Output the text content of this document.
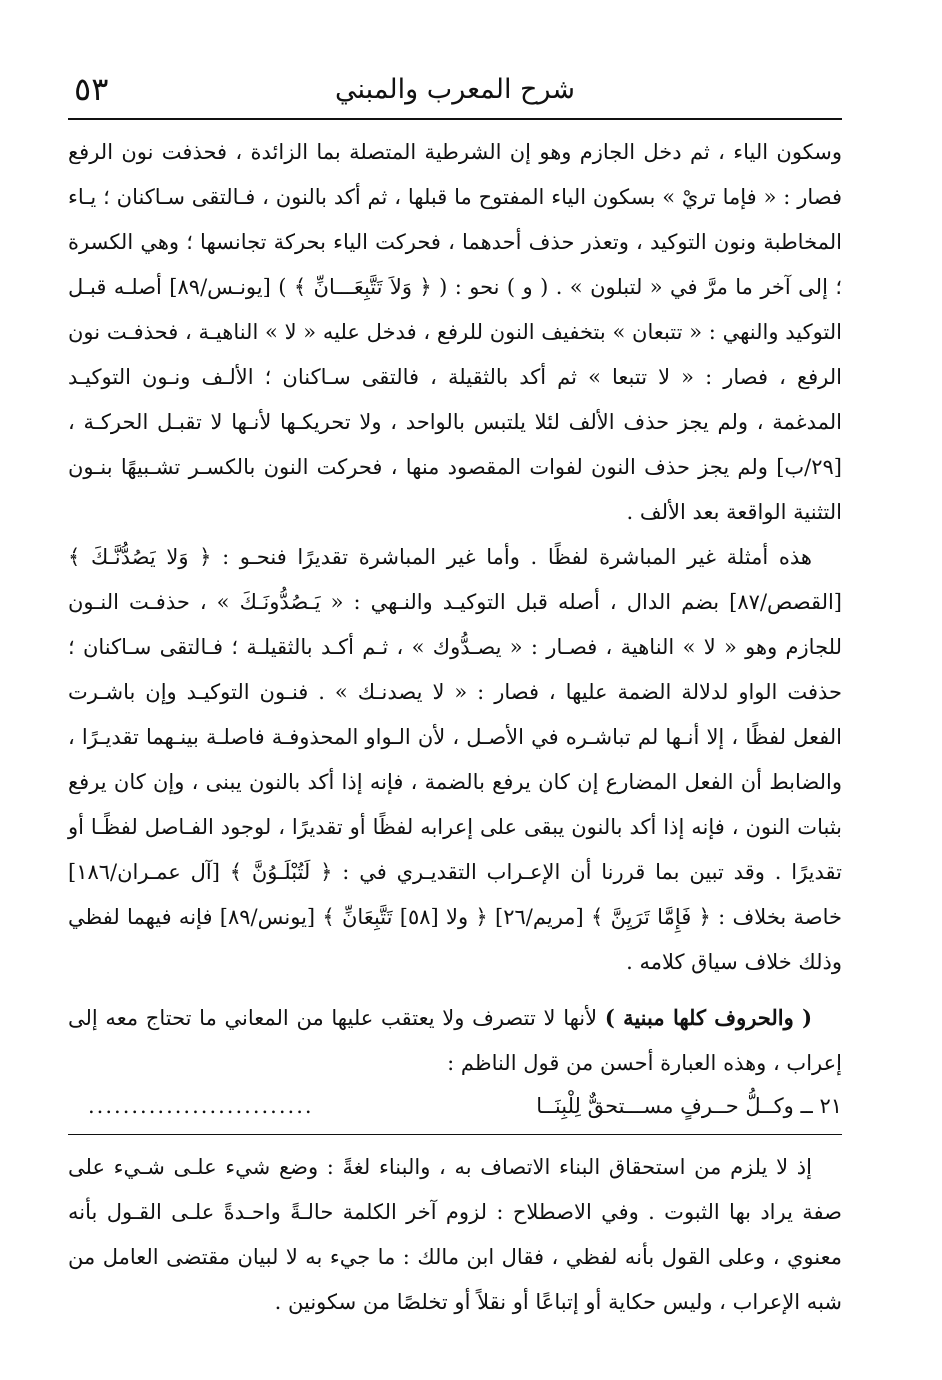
شرح المعرب والمبني
٥٣

وسكون الياء ، ثم دخل الجازم وهو إن الشرطية المتصلة بما الزائدة ، فحذفت نون الرفع فصار : « فإما تريْ » بسكون الياء المفتوح ما قبلها ، ثم أكد بالنون ، فـالتقى سـاكنان ؛ يـاء المخاطبة ونون التوكيد ، وتعذر حذف أحدهما ، فحركت الياء بحركة تجانسها ؛ وهي الكسرة ؛ إلى آخر ما مرَّ في « لتبلون » . ( و ) نحو : ( ﴿ وَلاَ تَتَّبِعَـــانِّ ﴾ ) [يونـس/٨٩] أصلـه قبـل التوكيد والنهي : « تتبعان » بتخفيف النون للرفع ، فدخل عليه « لا » الناهيـة ، فحذفـت نون الرفع ، فصار : « لا تتبعا » ثم أكد بالثقيلة ، فالتقى سـاكنان ؛ الألـف ونـون التوكيـد المدغمة ، ولم يجز حذف الألف لئلا يلتبس بالواحد ، ولا تحريكـها لأنـها لا تقبـل الحركـة ، [٢٩/ب] ولم يجز حذف النون لفوات المقصود منها ، فحركت النون بالكسـر تشـبيهًا بنـون التثنية الواقعة بعد الألف .

هذه أمثلة غير المباشرة لفظًا . وأما غير المباشرة تقديرًا فنحـو : ﴿ وَلا يَصُدُّنَّـكَ ﴾ [القصص/٨٧] بضم الدال ، أصله قبل التوكيـد والنـهي : « يَـصُدُّونَـكَ » ، حذفـت النـون للجازم وهو « لا » الناهية ، فصـار : « يصـدُّوك » ، ثـم أكـد بالثقيلـة ؛ فـالتقى سـاكنان ؛ حذفت الواو لدلالة الضمة عليها ، فصار : « لا يصدنـك » . فنـون التوكيـد وإن باشـرت الفعل لفظًا ، إلا أنـها لم تباشـره في الأصـل ، لأن الـواو المحذوفـة فاصلـة بينـهما تقديـرًا ، والضابط أن الفعل المضارع إن كان يرفع بالضمة ، فإنه إذا أكد بالنون يبنى ، وإن كان يرفع بثبات النون ، فإنه إذا أكد بالنون يبقى على إعرابه لفظًا أو تقديرًا ، لوجود الفـاصل لفظًـا أو تقديرًا . وقد تبين بما قررنا أن الإعـراب التقديـري في : ﴿ لَتُبْلَـوُنَّ ﴾ [آل عمـران/١٨٦] خاصة بخلاف : ﴿ فَإِمَّا تَرَيِنَّ ﴾ [مريم/٢٦] ﴿ ولا [٥٨] تَتَّبِعَانِّ ﴾ [يونس/٨٩] فإنه فيهما لفظي وذلك خلاف سياق كلامه .

( والحروف كلها مبنية ) لأنها لا تتصرف ولا يعتقب عليها من المعاني ما تحتاج معه إلى إعراب ، وهذه العبارة أحسن من قول الناظم :

٢١ ــ وكــلُّ حــرفٍ مســـتحقٌّ لِلْبِنَــا
..........................

إذ لا يلزم من استحقاق البناء الاتصاف به ، والبناء لغةً : وضع شيء علـى شـيء على صفة يراد بها الثبوت . وفي الاصطلاح : لزوم آخر الكلمة حالـةً واحـدةً علـى القـول بأنه معنوي ، وعلى القول بأنه لفظي ، فقال ابن مالك : ما جيء به لا لبيان مقتضى العامل من شبه الإعراب ، وليس حكاية أو إتباعًا أو نقلاً أو تخلصًا من سكونين .
